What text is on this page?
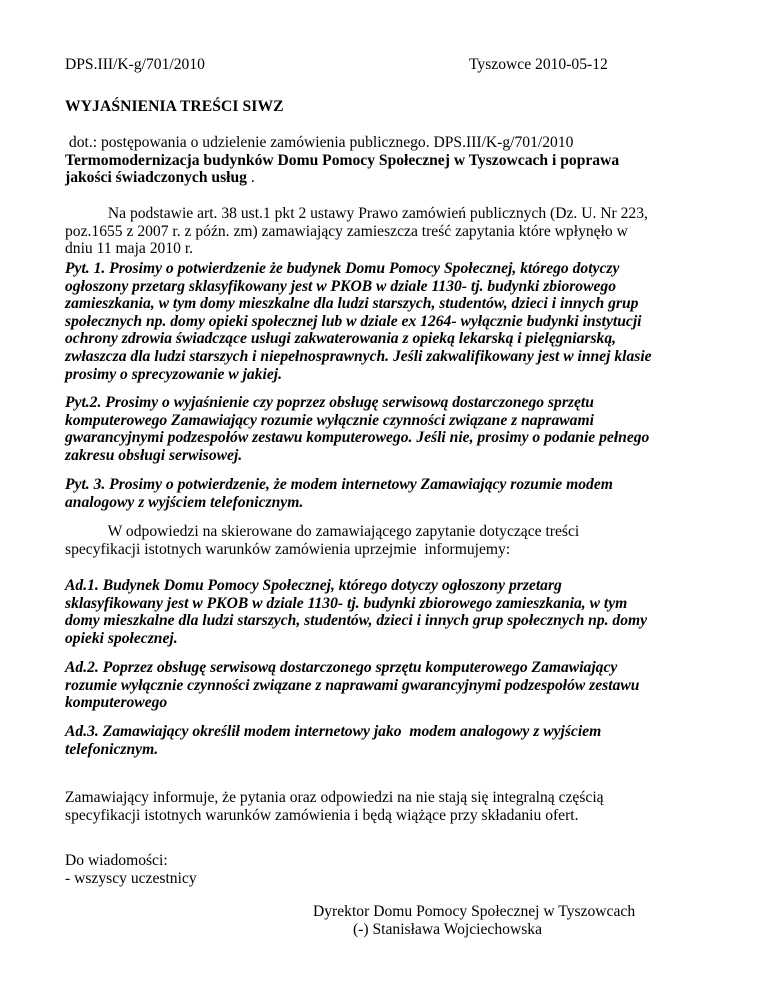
DPS.III/K-g/701/2010	Tyszowce 2010-05-12
WYJAŚNIENIA TREŚCI SIWZ
dot.: postępowania o udzielenie zamówienia publicznego. DPS.III/K-g/701/2010
Termomodernizacja budynków Domu Pomocy Społecznej w Tyszowcach i poprawa
jakości świadczonych usług .
Na podstawie art. 38 ust.1 pkt 2 ustawy Prawo zamówień publicznych (Dz. U. Nr 223,
poz.1655 z 2007 r. z późn. zm) zamawiający zamieszcza treść zapytania które wpłynęło w
dniu 11 maja 2010 r.
Pyt. 1. Prosimy o potwierdzenie że budynek Domu Pomocy Społecznej, którego dotyczy
ogłoszony przetarg sklasyfikowany jest w PKOB w dziale 1130- tj. budynki zbiorowego
zamieszkania, w tym domy mieszkalne dla ludzi starszych, studentów, dzieci i innych grup
społecznych np. domy opieki społecznej lub w dziale ex 1264- wyłącznie budynki instytucji
ochrony zdrowia świadczące usługi zakwaterowania z opieką lekarską i pielęgniarską,
zwłaszcza dla ludzi starszych i niepełnosprawnych. Jeśli zakwalifikowany jest w innej klasie
prosimy o sprecyzowanie w jakiej.
Pyt.2. Prosimy o wyjaśnienie czy poprzez obsługę serwisową dostarczonego sprzętu
komputerowego Zamawiający rozumie wyłącznie czynności związane z naprawami
gwarancyjnymi podzespołów zestawu komputerowego. Jeśli nie, prosimy o podanie pełnego
zakresu obsługi serwisowej.
Pyt. 3. Prosimy o potwierdzenie, że modem internetowy Zamawiający rozumie modem
analogowy z wyjściem telefonicznym.
W odpowiedzi na skierowane do zamawiającego zapytanie dotyczące treści
specyfikacji istotnych warunków zamówienia uprzejmie  informujemy:
Ad.1. Budynek Domu Pomocy Społecznej, którego dotyczy ogłoszony przetarg
sklasyfikowany jest w PKOB w dziale 1130- tj. budynki zbiorowego zamieszkania, w tym
domy mieszkalne dla ludzi starszych, studentów, dzieci i innych grup społecznych np. domy
opieki społecznej.
Ad.2. Poprzez obsługę serwisową dostarczonego sprzętu komputerowego Zamawiający
rozumie wyłącznie czynności związane z naprawami gwarancyjnymi podzespołów zestawu
komputerowego
Ad.3. Zamawiający określił modem internetowy jako  modem analogowy z wyjściem
telefonicznym.
Zamawiający informuje, że pytania oraz odpowiedzi na nie stają się integralną częścią
specyfikacji istotnych warunków zamówienia i będą wiążące przy składaniu ofert.
Do wiadomości:
- wszyscy uczestnicy
Dyrektor Domu Pomocy Społecznej w Tyszowcach
(-) Stanisława Wojciechowska
